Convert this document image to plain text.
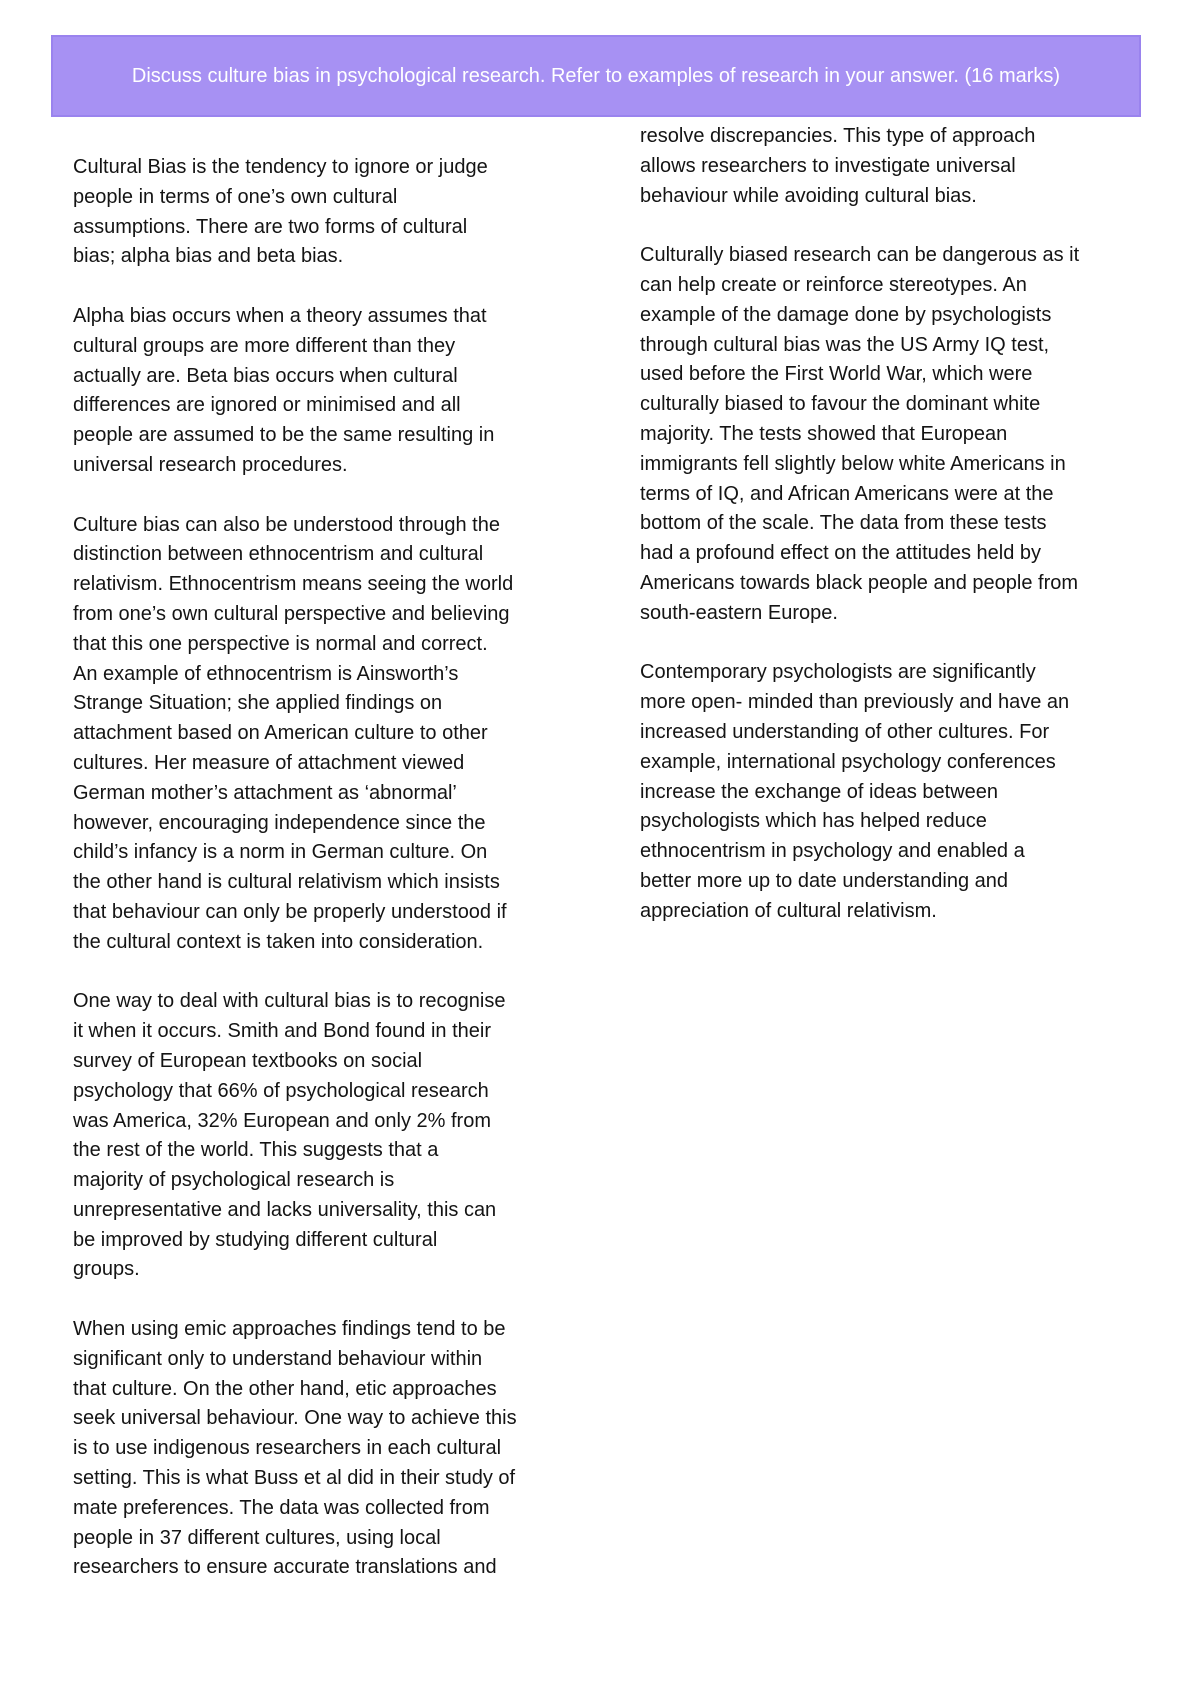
Discuss culture bias in psychological research. Refer to examples of research in your answer. (16 marks)
Cultural Bias is the tendency to ignore or judge
people in terms of one’s own cultural
assumptions. There are two forms of cultural
bias; alpha bias and beta bias.
Alpha bias occurs when a theory assumes that
cultural groups are more different than they
actually are. Beta bias occurs when cultural
differences are ignored or minimised and all
people are assumed to be the same resulting in
universal research procedures.
Culture bias can also be understood through the
distinction between ethnocentrism and cultural
relativism. Ethnocentrism means seeing the world
from one’s own cultural perspective and believing
that this one perspective is normal and correct.
An example of ethnocentrism is Ainsworth’s
Strange Situation; she applied findings on
attachment based on American culture to other
cultures. Her measure of attachment viewed
German mother’s attachment as ‘abnormal’
however, encouraging independence since the
child’s infancy is a norm in German culture. On
the other hand is cultural relativism which insists
that behaviour can only be properly understood if
the cultural context is taken into consideration.
One way to deal with cultural bias is to recognise
it when it occurs. Smith and Bond found in their
survey of European textbooks on social
psychology that 66% of psychological research
was America, 32% European and only 2% from
the rest of the world. This suggests that a
majority of psychological research is
unrepresentative and lacks universality, this can
be improved by studying different cultural
groups.
When using emic approaches findings tend to be
significant only to understand behaviour within
that culture. On the other hand, etic approaches
seek universal behaviour. One way to achieve this
is to use indigenous researchers in each cultural
setting. This is what Buss et al did in their study of
mate preferences. The data was collected from
people in 37 different cultures, using local
researchers to ensure accurate translations and
resolve discrepancies. This type of approach
allows researchers to investigate universal
behaviour while avoiding cultural bias.
Culturally biased research can be dangerous as it
can help create or reinforce stereotypes. An
example of the damage done by psychologists
through cultural bias was the US Army IQ test,
used before the First World War, which were
culturally biased to favour the dominant white
majority. The tests showed that European
immigrants fell slightly below white Americans in
terms of IQ, and African Americans were at the
bottom of the scale. The data from these tests
had a profound effect on the attitudes held by
Americans towards black people and people from
south-eastern Europe.
Contemporary psychologists are significantly
more open- minded than previously and have an
increased understanding of other cultures. For
example, international psychology conferences
increase the exchange of ideas between
psychologists which has helped reduce
ethnocentrism in psychology and enabled a
better more up to date understanding and
appreciation of cultural relativism.
